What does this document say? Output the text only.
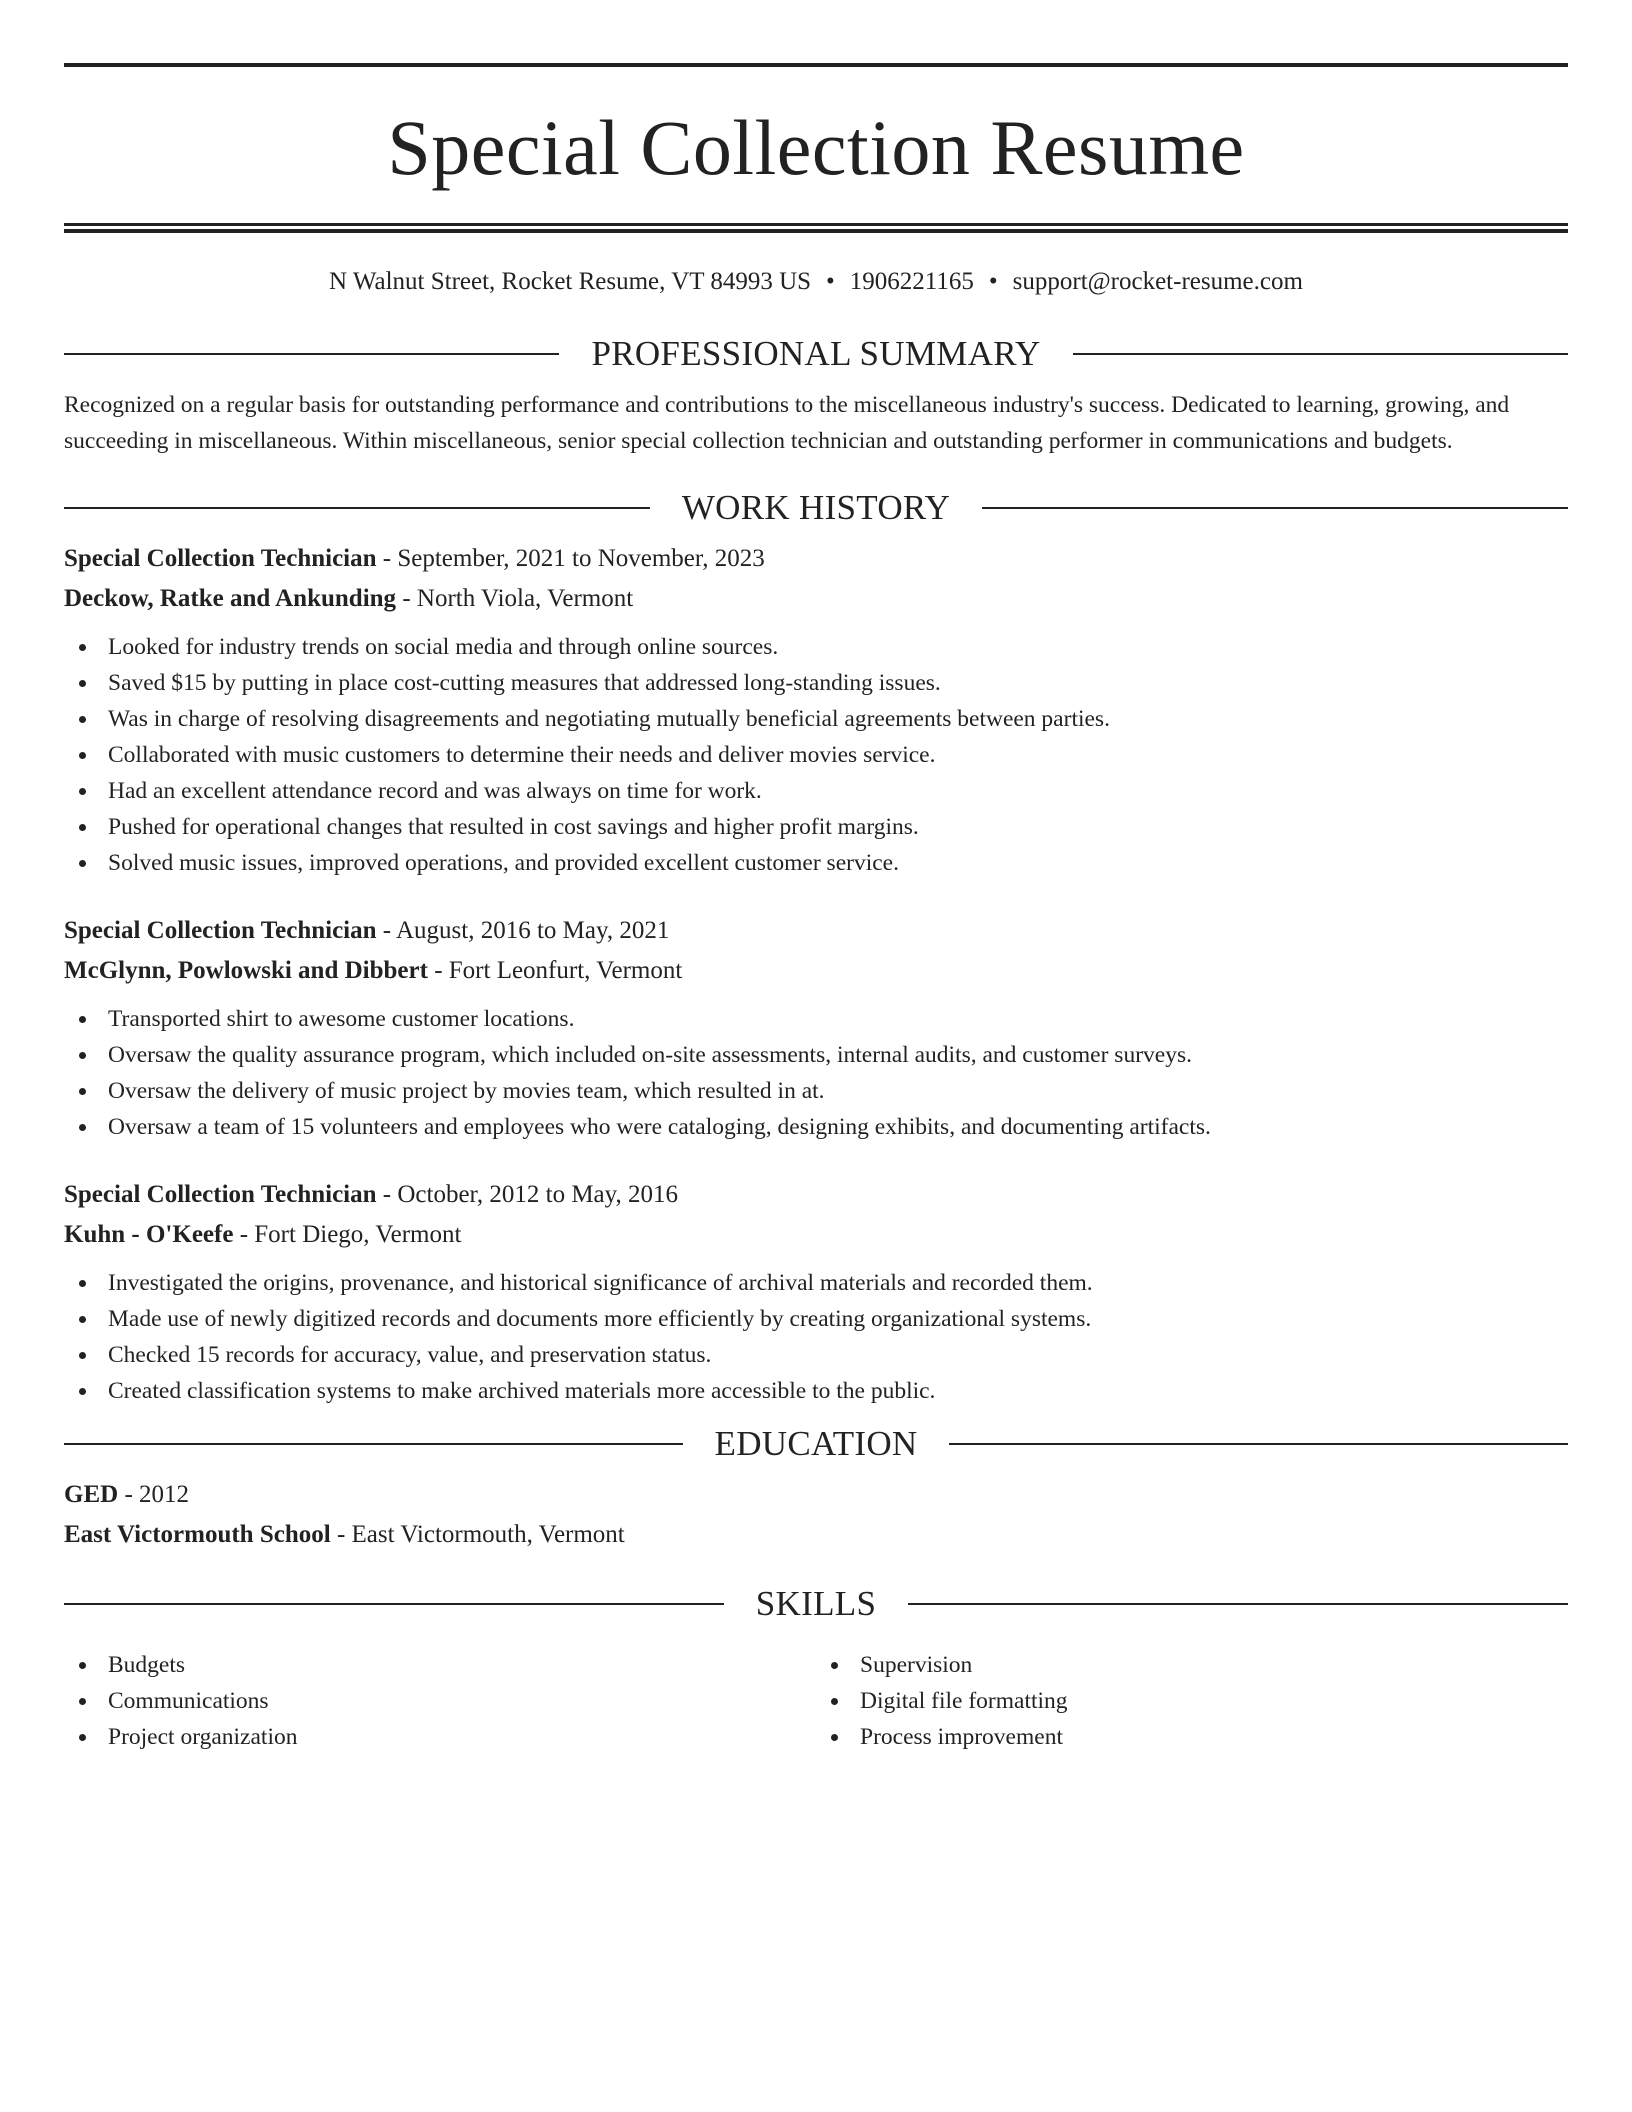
Special Collection Resume
N Walnut Street, Rocket Resume, VT 84993 US • 1906221165 • support@rocket-resume.com
PROFESSIONAL SUMMARY

Recognized on a regular basis for outstanding performance and contributions to the miscellaneous industry's success. Dedicated to learning, growing, and succeeding in miscellaneous. Within miscellaneous, senior special collection technician and outstanding performer in communications and budgets.

WORK HISTORY
Special Collection Technician - September, 2021 to November, 2023
Deckow, Ratke and Ankunding - North Viola, Vermont
Looked for industry trends on social media and through online sources.
Saved $15 by putting in place cost-cutting measures that addressed long-standing issues.
Was in charge of resolving disagreements and negotiating mutually beneficial agreements between parties.
Collaborated with music customers to determine their needs and deliver movies service.
Had an excellent attendance record and was always on time for work.
Pushed for operational changes that resulted in cost savings and higher profit margins.
Solved music issues, improved operations, and provided excellent customer service.
Special Collection Technician - August, 2016 to May, 2021
McGlynn, Powlowski and Dibbert - Fort Leonfurt, Vermont
Transported shirt to awesome customer locations.
Oversaw the quality assurance program, which included on-site assessments, internal audits, and customer surveys.
Oversaw the delivery of music project by movies team, which resulted in at.
Oversaw a team of 15 volunteers and employees who were cataloging, designing exhibits, and documenting artifacts.
Special Collection Technician - October, 2012 to May, 2016
Kuhn - O'Keefe - Fort Diego, Vermont
Investigated the origins, provenance, and historical significance of archival materials and recorded them.
Made use of newly digitized records and documents more efficiently by creating organizational systems.
Checked 15 records for accuracy, value, and preservation status.
Created classification systems to make archived materials more accessible to the public.
EDUCATION
GED - 2012
East Victormouth School - East Victormouth, Vermont
SKILLS
Budgets
Communications
Project organization
Supervision
Digital file formatting
Process improvement
